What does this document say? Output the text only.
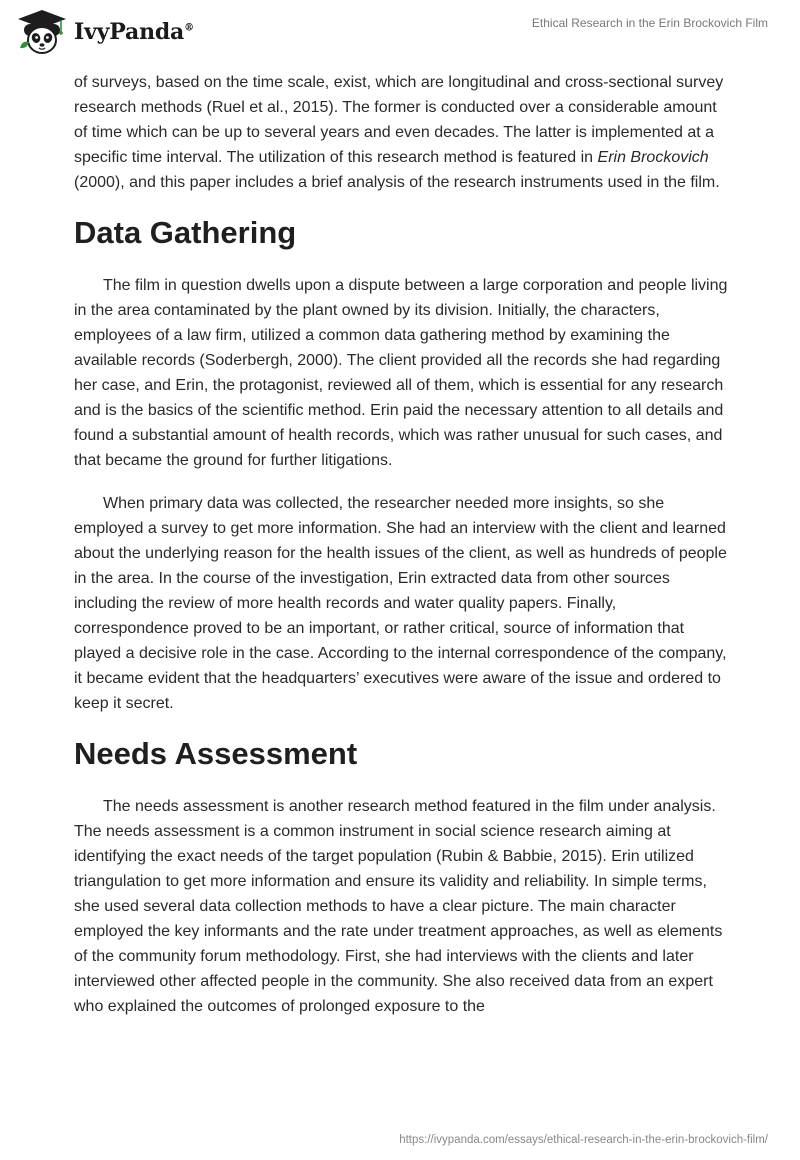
IvyPanda®	Ethical Research in the Erin Brockovich Film

of surveys, based on the time scale, exist, which are longitudinal and cross-sectional survey research methods (Ruel et al., 2015). The former is conducted over a considerable amount of time which can be up to several years and even decades. The latter is implemented at a specific time interval. The utilization of this research method is featured in Erin Brockovich (2000), and this paper includes a brief analysis of the research instruments used in the film.

Data Gathering

The film in question dwells upon a dispute between a large corporation and people living in the area contaminated by the plant owned by its division. Initially, the characters, employees of a law firm, utilized a common data gathering method by examining the available records (Soderbergh, 2000). The client provided all the records she had regarding her case, and Erin, the protagonist, reviewed all of them, which is essential for any research and is the basics of the scientific method. Erin paid the necessary attention to all details and found a substantial amount of health records, which was rather unusual for such cases, and that became the ground for further litigations.

When primary data was collected, the researcher needed more insights, so she employed a survey to get more information. She had an interview with the client and learned about the underlying reason for the health issues of the client, as well as hundreds of people in the area. In the course of the investigation, Erin extracted data from other sources including the review of more health records and water quality papers. Finally, correspondence proved to be an important, or rather critical, source of information that played a decisive role in the case. According to the internal correspondence of the company, it became evident that the headquarters’ executives were aware of the issue and ordered to keep it secret.

Needs Assessment

The needs assessment is another research method featured in the film under analysis. The needs assessment is a common instrument in social science research aiming at identifying the exact needs of the target population (Rubin & Babbie, 2015). Erin utilized triangulation to get more information and ensure its validity and reliability. In simple terms, she used several data collection methods to have a clear picture. The main character employed the key informants and the rate under treatment approaches, as well as elements of the community forum methodology. First, she had interviews with the clients and later interviewed other affected people in the community. She also received data from an expert who explained the outcomes of prolonged exposure to the

https://ivypanda.com/essays/ethical-research-in-the-erin-brockovich-film/
